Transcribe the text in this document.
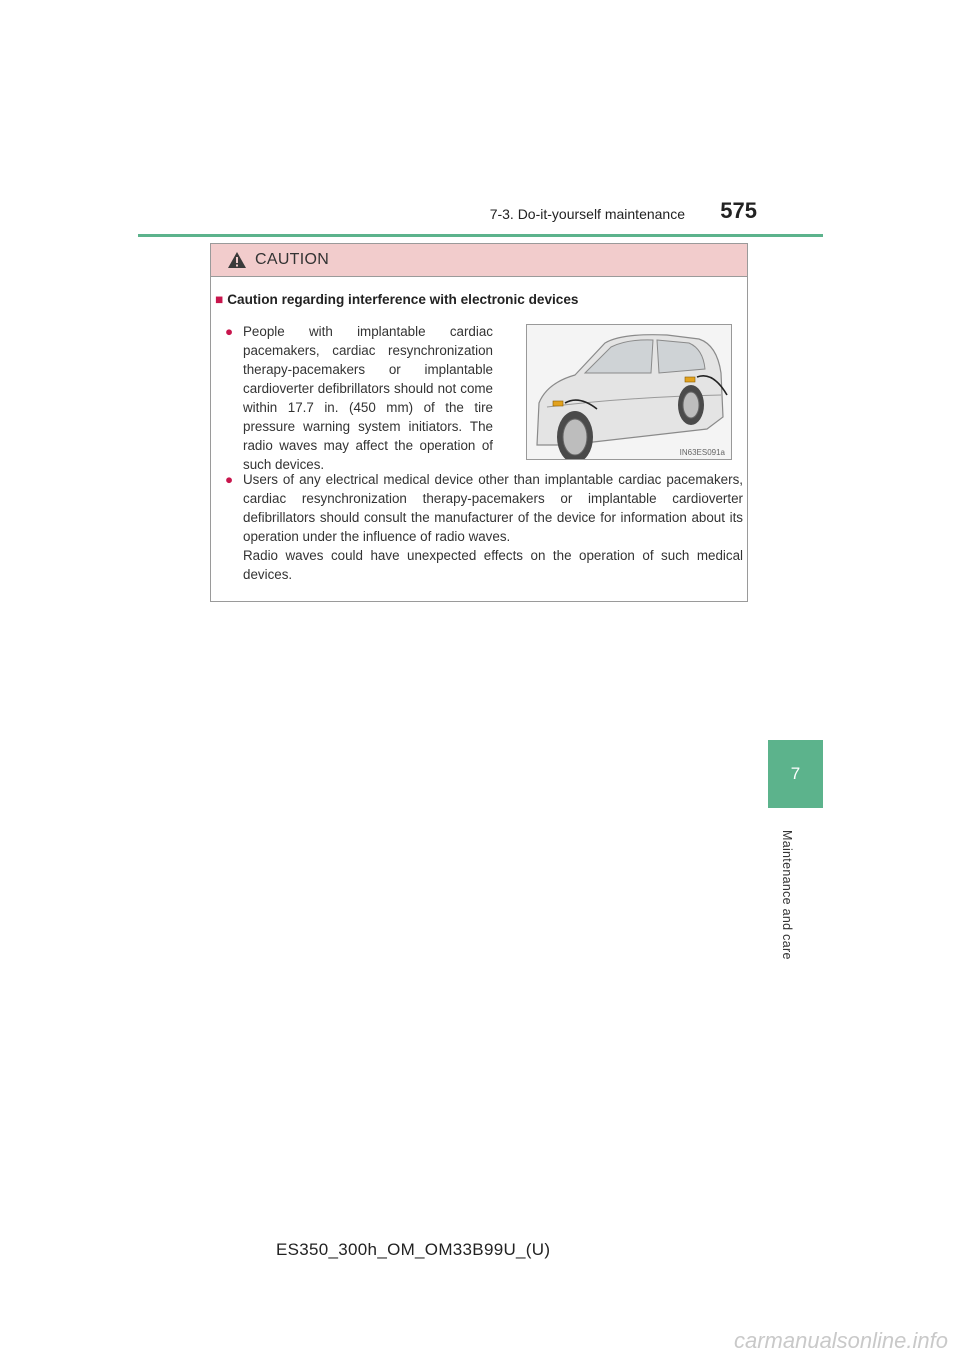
7-3. Do-it-yourself maintenance 575
CAUTION
■ Caution regarding interference with electronic devices
● People with implantable cardiac pacemakers, cardiac resynchronization therapy-pacemakers or implantable cardioverter defibrillators should not come within 17.7 in. (450 mm) of the tire pressure warning system initiators. The radio waves may affect the operation of such devices.
IN63ES091a
● Users of any electrical medical device other than implantable cardiac pacemakers, cardiac resynchronization therapy-pacemakers or implantable cardioverter defibrillators should consult the manufacturer of the device for information about its operation under the influence of radio waves.
Radio waves could have unexpected effects on the operation of such medical devices.
7
Maintenance and care
ES350_300h_OM_OM33B99U_(U)
carmanualsonline.info
